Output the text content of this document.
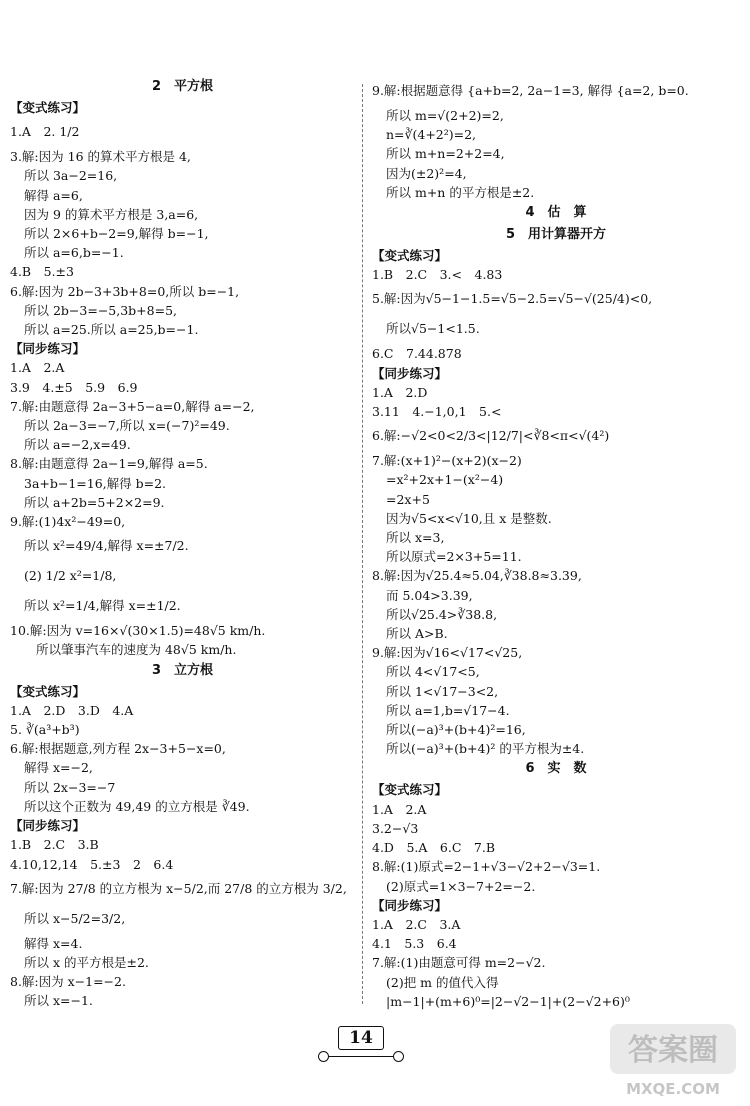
2　平方根
【变式练习】
1.A　2. 1/2
3.解:因为 16 的算术平方根是 4,
所以 3a−2=16,
解得 a=6,
因为 9 的算术平方根是 3,a=6,
所以 2×6+b−2=9,解得 b=−1,
所以 a=6,b=−1.
4.B　5.±3
6.解:因为 2b−3+3b+8=0,所以 b=−1,
所以 2b−3=−5,3b+8=5,
所以 a=25.所以 a=25,b=−1.
【同步练习】
1.A　2.A
3.9　4.±5　5.9　6.9
7.解:由题意得 2a−3+5−a=0,解得 a=−2,
所以 2a−3=−7,所以 x=(−7)²=49.
所以 a=−2,x=49.
8.解:由题意得 2a−1=9,解得 a=5.
3a+b−1=16,解得 b=2.
所以 a+2b=5+2×2=9.
9.解:(1)4x²−49=0,
所以 x²=49/4,解得 x=±7/2.
(2) 1/2 x²=1/8,
所以 x²=1/4,解得 x=±1/2.
10.解:因为 v=16×√(30×1.5)=48√5 km/h.
所以肇事汽车的速度为 48√5 km/h.
3　立方根
【变式练习】
1.A　2.D　3.D　4.A
5. ∛(a³+b³)
6.解:根据题意,列方程 2x−3+5−x=0,
解得 x=−2,
所以 2x−3=−7
所以这个正数为 49,49 的立方根是 ∛49.
【同步练习】
1.B　2.C　3.B
4.10,12,14　5.±3　2　6.4
7.解:因为 27/8 的立方根为 x−5/2,而 27/8 的立方根为 3/2,
所以 x−5/2=3/2,
解得 x=4.
所以 x 的平方根是±2.
8.解:因为 x−1=−2.
所以 x=−1.
9.解:根据题意得 {a+b=2, 2a−1=3, 解得 {a=2, b=0.
所以 m=√(2+2)=2,
n=∛(4+2²)=2,
所以 m+n=2+2=4,
因为(±2)²=4,
所以 m+n 的平方根是±2.
4　估　算
5　用计算器开方
【变式练习】
1.B　2.C　3.<　4.83
5.解:因为√5−1−1.5=√5−2.5=√5−√(25/4)<0,
所以√5−1<1.5.
6.C　7.44.878
【同步练习】
1.A　2.D
3.11　4.−1,0,1　5.<
6.解:−√2<0<2/3<|12/7|<∛8<π<√(4²)
7.解:(x+1)²−(x+2)(x−2)
=x²+2x+1−(x²−4)
=2x+5
因为√5<x<√10,且 x 是整数.
所以 x=3,
所以原式=2×3+5=11.
8.解:因为√25.4≈5.04,∛38.8≈3.39,
而 5.04>3.39,
所以√25.4>∛38.8,
所以 A>B.
9.解:因为√16<√17<√25,
所以 4<√17<5,
所以 1<√17−3<2,
所以 a=1,b=√17−4.
所以(−a)³+(b+4)²=16,
所以(−a)³+(b+4)² 的平方根为±4.
6　实　数
【变式练习】
1.A　2.A
3.2−√3
4.D　5.A　6.C　7.B
8.解:(1)原式=2−1+√3−√2+2−√3=1.
(2)原式=1×3−7+2=−2.
【同步练习】
1.A　2.C　3.A
4.1　5.3　6.4
7.解:(1)由题意可得 m=2−√2.
(2)把 m 的值代入得
|m−1|+(m+6)⁰=|2−√2−1|+(2−√2+6)⁰
14	答案圈
MXQE.COM
